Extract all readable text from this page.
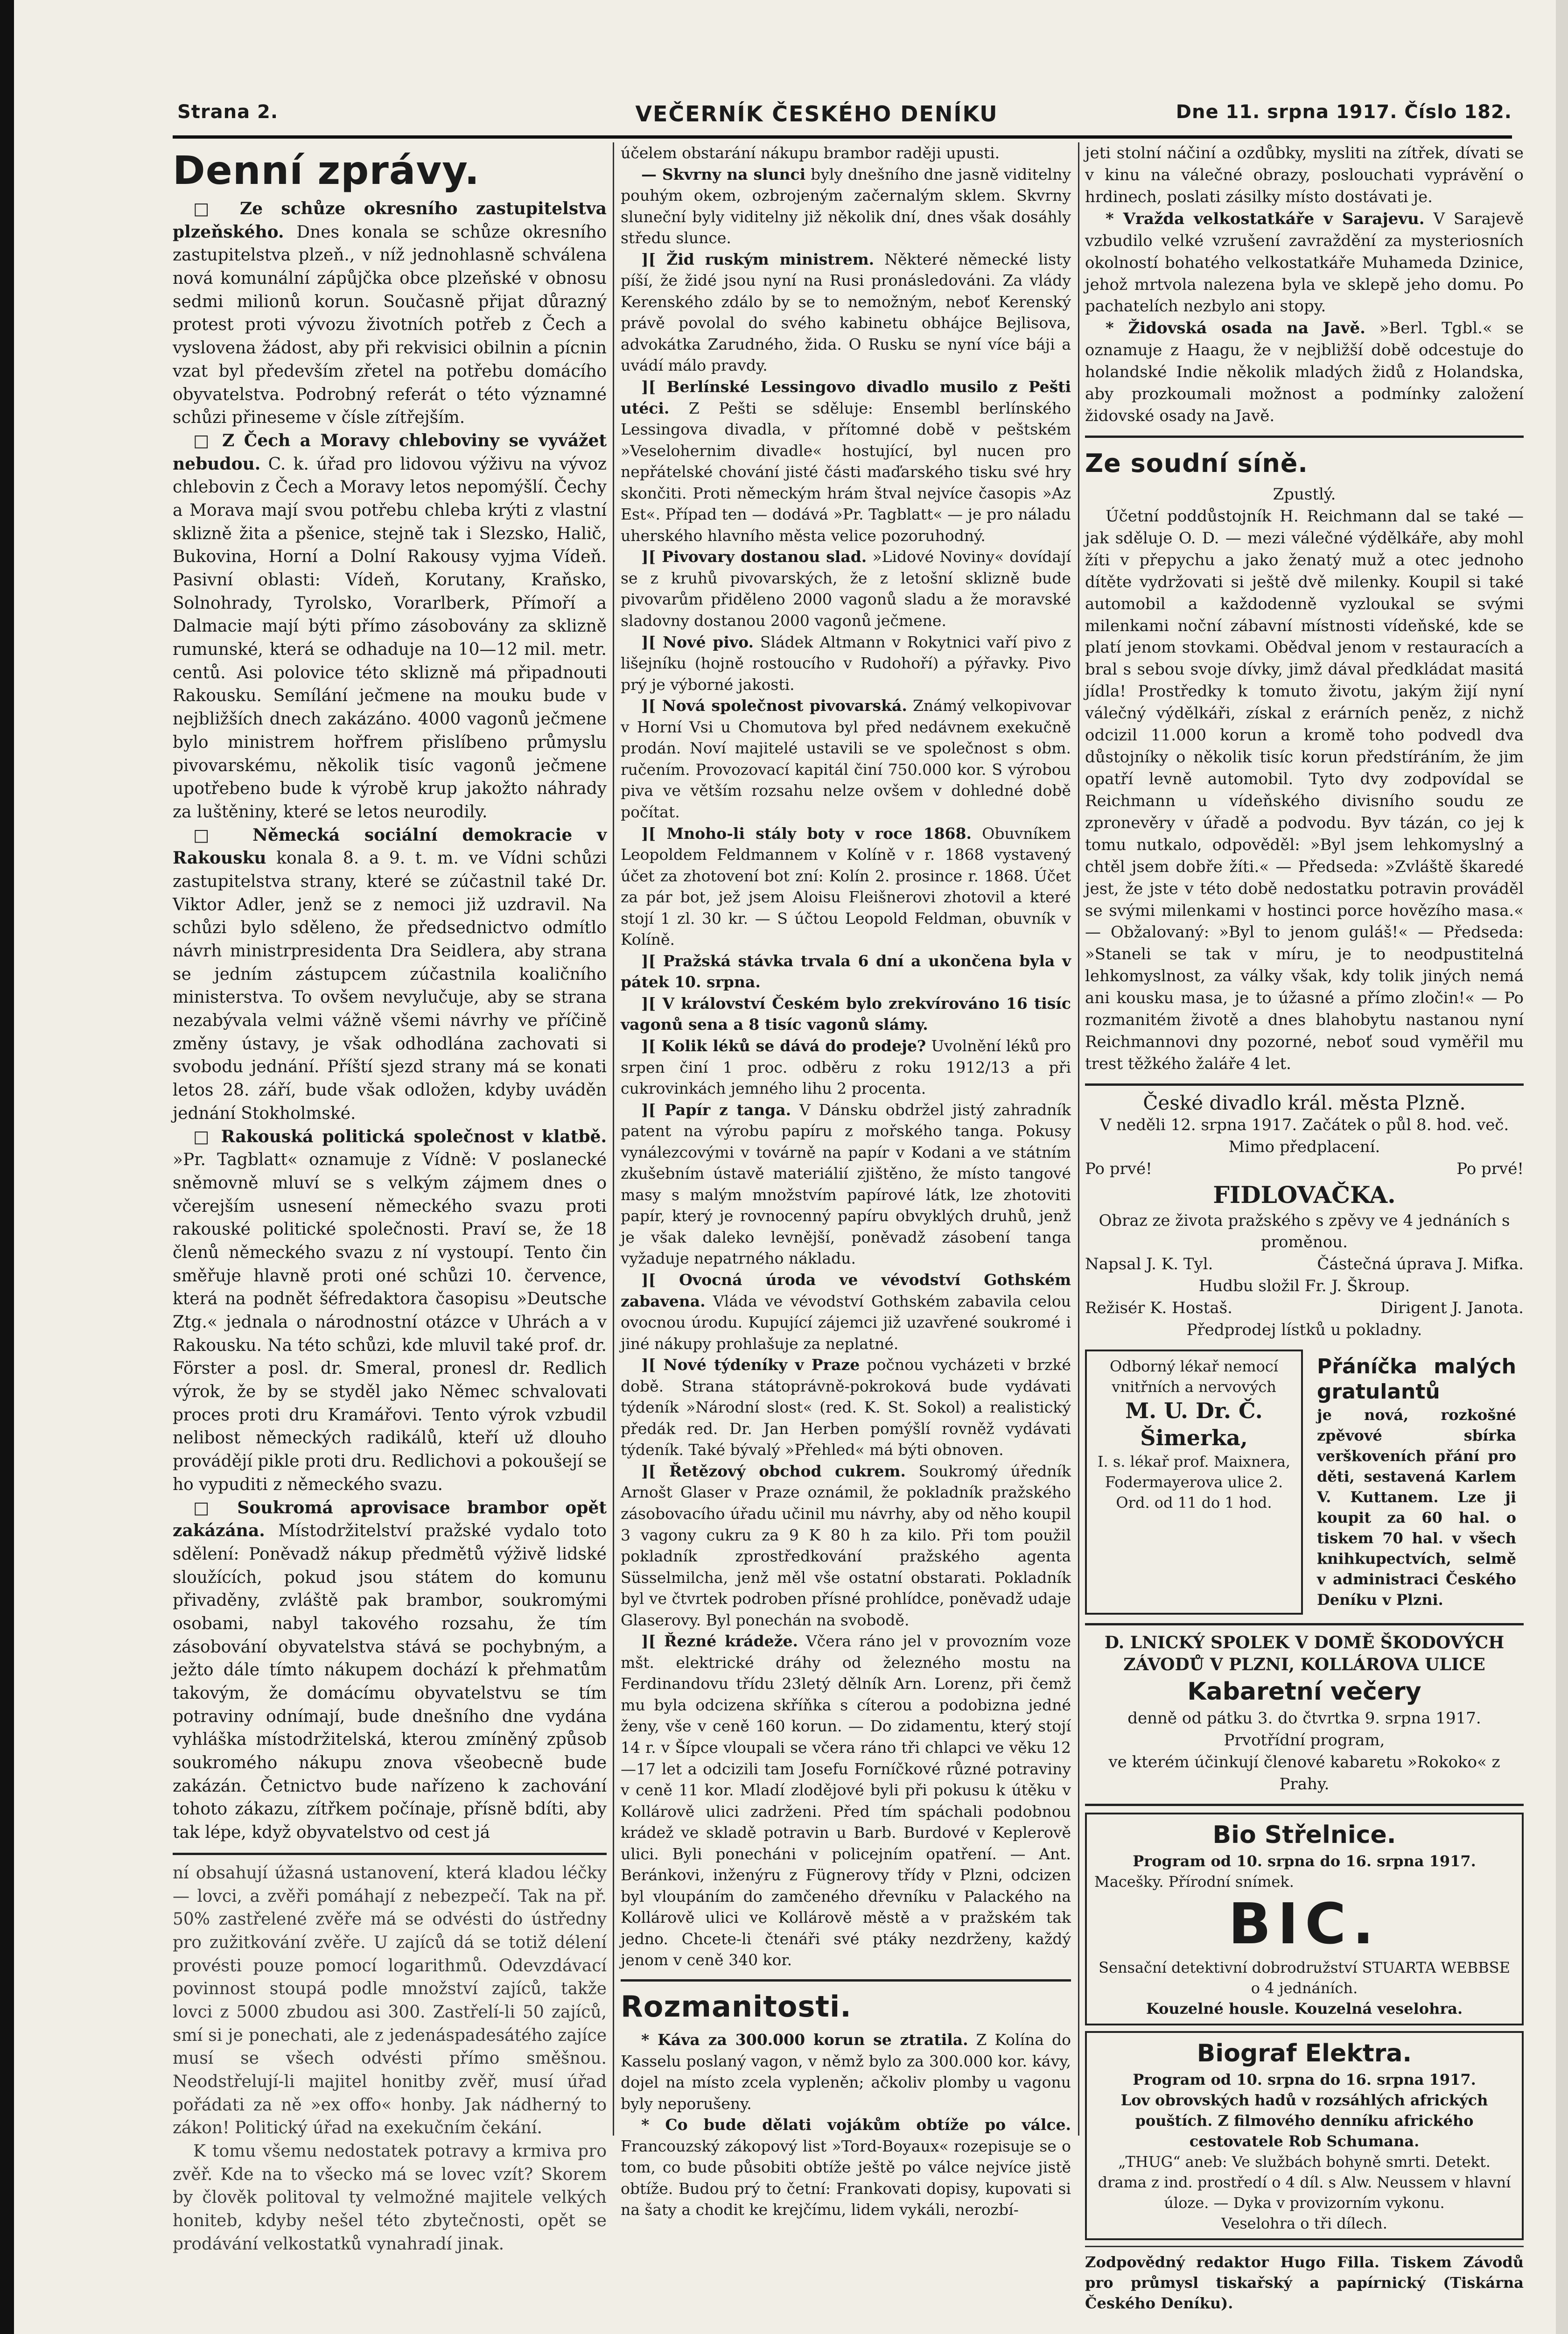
Strana 2.	VEČERNÍK ČESKÉHO DENÍKU	Dne 11. srpna 1917. Číslo 182.
Denní zprávy.

□ Ze schůze okresního zastupitelstva plzeňského. Dnes konala se schůze okresního zastupitelstva plzeň., v níž jednohlasně schválena nová komunální zápůjčka obce plzeňské v obnosu sedmi milionů korun. Současně přijat důrazný protest proti vývozu životních potřeb z Čech a vyslovena žádost, aby při rekvisici obilnin a pícnin vzat byl především zřetel na potřebu domácího obyvatelstva. Podrobný referát o této významné schůzi přineseme v čísle zítřejším.

□ Z Čech a Moravy chleboviny se vyvážet nebudou. C. k. úřad pro lidovou výživu na vývoz chlebovin z Čech a Moravy letos nepomýšlí. Čechy a Morava mají svou potřebu chleba krýti z vlastní sklizně žita a pšenice, stejně tak i Slezsko, Halič, Bukovina, Horní a Dolní Rakousy vyjma Vídeň. Pasivní oblasti: Vídeň, Korutany, Kraňsko, Solnohrady, Tyrolsko, Vorarlberk, Přímoří a Dalmacie mají býti přímo zásobovány za sklizně rumunské, která se odhaduje na 10—12 mil. metr. centů. Asi polovice této sklizně má připadnouti Rakousku. Semílání ječmene na mouku bude v nejbližších dnech zakázáno. 4000 vagonů ječmene bylo ministrem hořfrem přislíbeno průmyslu pivovarskému, několik tisíc vagonů ječmene upotřebeno bude k výrobě krup jakožto náhrady za luštěniny, které se letos neurodily.

□ Německá sociální demokracie v Rakousku konala 8. a 9. t. m. ve Vídni schůzi zastupitelstva strany, které se zúčastnil také Dr. Viktor Adler, jenž se z nemoci již uzdravil. Na schůzi bylo sděleno, že předsednictvo odmítlo návrh ministrpresidenta Dra Seidlera, aby strana se jedním zástupcem zúčastnila koaličního ministerstva. To ovšem nevylučuje, aby se strana nezabývala velmi vážně všemi návrhy ve příčině změny ústavy, je však odhodlána zachovati si svobodu jednání. Příští sjezd strany má se konati letos 28. září, bude však odložen, kdyby uváděn jednání Stokholmské.

□ Rakouská politická společnost v klatbě. »Pr. Tagblatt« oznamuje z Vídně: V poslanecké sněmovně mluví se s velkým zájmem dnes o včerejším usnesení německého svazu proti rakouské politické společnosti. Praví se, že 18 členů německého svazu z ní vystoupí. Tento čin směřuje hlavně proti oné schůzi 10. července, která na podnět šéfredaktora časopisu »Deutsche Ztg.« jednala o národnostní otázce v Uhrách a v Rakousku. Na této schůzi, kde mluvil také prof. dr. Förster a posl. dr. Smeral, pronesl dr. Redlich výrok, že by se styděl jako Němec schvalovati proces proti dru Kramářovi. Tento výrok vzbudil nelibost německých radikálů, kteří už dlouho provádějí pikle proti dru. Redlichovi a pokoušejí se ho vypuditi z německého svazu.

□ Soukromá aprovisace brambor opět zakázána. Místodržitelství pražské vydalo toto sdělení: Poněvadž nákup předmětů výživě lidské sloužících, pokud jsou státem do komunu přivaděny, zvláště pak brambor, soukromými osobami, nabyl takového rozsahu, že tím zásobování obyvatelstva stává se pochybným, a ježto dále tímto nákupem dochází k přehmatům takovým, že domácímu obyvatelstvu se tím potraviny odnímají, bude dnešního dne vydána vyhláška místodržitelská, kterou zmíněný způsob soukromého nákupu znova všeobecně bude zakázán. Četnictvo bude nařízeno k zachování tohoto zákazu, zítřkem počínaje, přísně bdíti, aby tak lépe, když obyvatelstvo od cest já

ní obsahují úžasná ustanovení, která kladou léčky — lovci, a zvěři pomáhají z nebezpečí. Tak na př. 50% zastřelené zvěře má se odvésti do ústředny pro zužitkování zvěře. U zajíců dá se totiž délení provésti pouze pomocí logarithmů. Odevzdávací povinnost stoupá podle množství zajíců, takže lovci z 5000 zbudou asi 300. Zastřelí-li 50 zajíců, smí si je ponechati, ale z jedenáspadesátého zajíce musí se všech odvésti přímo směšnou. Neodstřelují-li majitel honitby zvěř, musí úřad pořádati za ně »ex offo« honby. Jak nádherný to zákon! Politický úřad na exekučním čekání.

K tomu všemu nedostatek potravy a krmiva pro zvěř. Kde na to všecko má se lovec vzít? Skorem by člověk politoval ty velmožné majitele velkých honiteb, kdyby nešel této zbytečnosti, opět se prodávání velkostatků vynahradí jinak.

účelem obstarání nákupu brambor raději upusti.

— Skvrny na slunci byly dnešního dne jasně viditelny pouhým okem, ozbrojeným začernalým sklem. Skvrny sluneční byly viditelny již několik dní, dnes však dosáhly středu slunce.

][ Žid ruským ministrem. Některé německé listy píší, že židé jsou nyní na Rusi pronásledováni. Za vlády Kerenského zdálo by se to nemožným, neboť Kerenský právě povolal do svého kabinetu obhájce Bejlisova, advokátka Zarudného, žida. O Rusku se nyní více báji a uvádí málo pravdy.

][ Berlínské Lessingovo divadlo musilo z Pešti utéci. Z Pešti se sděluje: Ensembl berlínského Lessingova divadla, v přítomné době v peštském »Veselohernim divadle« hostující, byl nucen pro nepřátelské chování jisté části maďarského tisku své hry skončiti. Proti německým hrám štval nejvíce časopis »Az Est«. Případ ten — dodává »Pr. Tagblatt« — je pro náladu uherského hlavního města velice pozoruhodný.

][ Pivovary dostanou slad. »Lidové Noviny« dovídají se z kruhů pivovarských, že z letošní sklizně bude pivovarům přiděleno 2000 vagonů sladu a že moravské sladovny dostanou 2000 vagonů ječmene.

][ Nové pivo. Sládek Altmann v Rokytnici vaří pivo z lišejníku (hojně rostoucího v Rudohoří) a pýřavky. Pivo prý je výborné jakosti.

][ Nová společnost pivovarská. Známý velkopivovar v Horní Vsi u Chomutova byl před nedávnem exekučně prodán. Noví majitelé ustavili se ve společnost s obm. ručením. Provozovací kapitál činí 750.000 kor. S výrobou piva ve větším rozsahu nelze ovšem v dohledné době počítat.

][ Mnoho-li stály boty v roce 1868. Obuvníkem Leopoldem Feldmannem v Kolíně v r. 1868 vystavený účet za zhotovení bot zní: Kolín 2. prosince r. 1868. Účet za pár bot, jež jsem Aloisu Fleišnerovi zhotovil a které stojí 1 zl. 30 kr. — S účtou Leopold Feldman, obuvník v Kolíně.

][ Pražská stávka trvala 6 dní a ukončena byla v pátek 10. srpna.

][ V království Českém bylo zrekvírováno 16 tisíc vagonů sena a 8 tisíc vagonů slámy.

][ Kolik léků se dává do prodeje? Uvolnění léků pro srpen činí 1 proc. odběru z roku 1912/13 a při cukrovinkách jemného lihu 2 procenta.

][ Papír z tanga. V Dánsku obdržel jistý zahradník patent na výrobu papíru z mořského tanga. Pokusy vynálezcovými v továrně na papír v Kodani a ve státním zkušebním ústavě materiálií zjištěno, že místo tangové masy s malým množstvím papírové látk, lze zhotoviti papír, který je rovnocenný papíru obvyklých druhů, jenž je však daleko levnější, poněvadž zásobení tanga vyžaduje nepatrného nákladu.

][ Ovocná úroda ve vévodství Gothském zabavena. Vláda ve vévodství Gothském zabavila celou ovocnou úrodu. Kupující zájemci již uzavřené soukromé i jiné nákupy prohlašuje za neplatné.

][ Nové týdeníky v Praze počnou vycházeti v brzké době. Strana státoprávně-pokroková bude vydávati týdeník »Národní slost« (red. K. St. Sokol) a realistický předák red. Dr. Jan Herben pomýšlí rovněž vydávati týdeník. Také bývalý »Přehled« má býti obnoven.

][ Řetězový obchod cukrem. Soukromý úředník Arnošt Glaser v Praze oznámil, že pokladník pražského zásobovacího úřadu učinil mu návrhy, aby od něho koupil 3 vagony cukru za 9 K 80 h za kilo. Při tom použil pokladník zprostředkování pražského agenta Süsselmilcha, jenž měl vše ostatní obstarati. Pokladník byl ve čtvrtek podroben přísné prohlídce, poněvadž udaje Glaserovy. Byl ponechán na svobodě.

][ Řezné krádeže. Včera ráno jel v provozním voze mšt. elektrické dráhy od železného mostu na Ferdinandovu třídu 23letý dělník Arn. Lorenz, při čemž mu byla odcizena skříňka s cíterou a podobizna jedné ženy, vše v ceně 160 korun. — Do zidamentu, který stojí 14 r. v Šípce vloupali se včera ráno tři chlapci ve věku 12—17 let a odcizili tam Josefu Forníčkové různé potraviny v ceně 11 kor. Mladí zlodějové byli při pokusu k útěku v Kollárově ulici zadrženi. Před tím spáchali podobnou krádež ve skladě potravin u Barb. Burdové v Keplerově ulici. Byli ponecháni v policejním opatření. — Ant. Beránkovi, inženýru z Fügnerovy třídy v Plzni, odcizen byl vloupáním do zamčeného dřevníku v Palackého na Kollárově ulici ve Kollárově městě a v pražském tak jedno. Chcete-li čtenáři své ptáky nezdrženy, každý jenom v ceně 340 kor.

Rozmanitosti.

* Káva za 300.000 korun se ztratila. Z Kolína do Kasselu poslaný vagon, v němž bylo za 300.000 kor. kávy, dojel na místo zcela vypleněn; ačkoliv plomby u vagonu byly neporušeny.

* Co bude dělati vojákům obtíže po válce. Francouzský zákopový list »Tord-Boyaux« rozepisuje se o tom, co bude působiti obtíže ještě po válce nejvíce jistě obtíže. Budou prý to četní: Frankovati dopisy, kupovati si na šaty a chodit ke krejčímu, lidem vykáli, nerozbí-

jeti stolní náčiní a ozdůbky, mysliti na zítřek, dívati se v kinu na válečné obrazy, poslouchati vyprávění o hrdinech, poslati zásilky místo dostávati je.

* Vražda velkostatkáře v Sarajevu. V Sarajevě vzbudilo velké vzrušení zavraždění za mysteriosních okolností bohatého velkostatkáře Muhameda Dzinice, jehož mrtvola nalezena byla ve sklepě jeho domu. Po pachatelích nezbylo ani stopy.

* Židovská osada na Javě. »Berl. Tgbl.« se oznamuje z Haagu, že v nejbližší době odcestuje do holandské Indie několik mladých židů z Holandska, aby prozkoumali možnost a podmínky založení židovské osady na Javě.

Ze soudní síně.
Zpustlý.

Účetní poddůstojník H. Reichmann dal se také — jak sděluje O. D. — mezi válečné výdělkáře, aby mohl žíti v přepychu a jako ženatý muž a otec jednoho dítěte vydržovati si ještě dvě milenky. Koupil si také automobil a každodenně vyzloukal se svými milenkami noční zábavní místnosti vídeňské, kde se platí jenom stovkami. Obědval jenom v restauracích a bral s sebou svoje dívky, jimž dával předkládat masitá jídla! Prostředky k tomuto životu, jakým žijí nyní válečný výdělkáři, získal z erárních peněz, z nichž odcizil 11.000 korun a kromě toho podvedl dva důstojníky o několik tisíc korun předstíráním, že jim opatří levně automobil. Tyto dvy zodpovídal se Reichmann u vídeňského divisního soudu ze zpronevěry v úřadě a podvodu. Byv tázán, co jej k tomu nutkalo, odpověděl: »Byl jsem lehkomyslný a chtěl jsem dobře žíti.« — Předseda: »Zvláště škaredé jest, že jste v této době nedostatku potravin prováděl se svými milenkami v hostinci porce hovězího masa.« — Obžalovaný: »Byl to jenom guláš!« — Předseda: »Staneli se tak v míru, je to neodpustitelná lehkomyslnost, za války však, kdy tolik jiných nemá ani kousku masa, je to úžasné a přímo zločin!« — Po rozmanitém životě a dnes blahobytu nastanou nyní Reichmannovi dny pozorné, neboť soud vyměřil mu trest těžkého žaláře 4 let.

České divadlo král. města Plzně.
V neděli 12. srpna 1917. Začátek o půl 8. hod. več.
Mimo předplacení.
Po prvé!	Po prvé!
FIDLOVAČKA.
Obraz ze života pražského s zpěvy ve 4 jednáních s proměnou.
Napsal J. K. Tyl.	Částečná úprava J. Mifka.
Hudbu složil Fr. J. Škroup.
Režisér K. Hostaš.	Dirigent J. Janota.
Předprodej lístků u pokladny.
Odborný lékař nemocí vnitřních a nervových
M. U. Dr. Č. Šimerka,
I. s. lékař prof. Maixnera, Fodermayerova ulice 2.
Ord. od 11 do 1 hod.
Přáníčka malých gratulantů
je nová, rozkošné zpěvové sbírka verškoveních přání pro děti, sestavená Karlem V. Kuttanem. Lze ji koupit za 60 hal. o tiskem 70 hal. v všech knihkupectvích, selmě v administraci Českého Deníku v Plzni.
D. LNICKÝ SPOLEK V DOMĚ ŠKODOVÝCH ZÁVODŮ V PLZNI, KOLLÁROVA ULICE
Kabaretní večery
denně od pátku 3. do čtvrtka 9. srpna 1917.
Prvotřídní program,
ve kterém účinkují členové kabaretu »Rokoko« z Prahy.
Bio Střelnice.
Program od 10. srpna do 16. srpna 1917.
Macešky. Přírodní snímek.
BIC.
Sensační detektivní dobrodružství STUARTA WEBBSE o 4 jednáních.
Kouzelné housle. Kouzelná veselohra.
Biograf Elektra.
Program od 10. srpna do 16. srpna 1917.
Lov obrovských hadů v rozsáhlých afrických pouštích. Z filmového denníku afrického cestovatele Rob Schumana.
„THUG“ aneb: Ve službách bohyně smrti. Detekt. drama z ind. prostředí o 4 díl. s Alw. Neussem v hlavní úloze. — Dyka v provizorním vykonu.
Veselohra o tři dílech.

Zodpovědný redaktor Hugo Filla. Tiskem Závodů pro průmysl tiskařský a papírnický (Tiskárna Českého Deníku).
